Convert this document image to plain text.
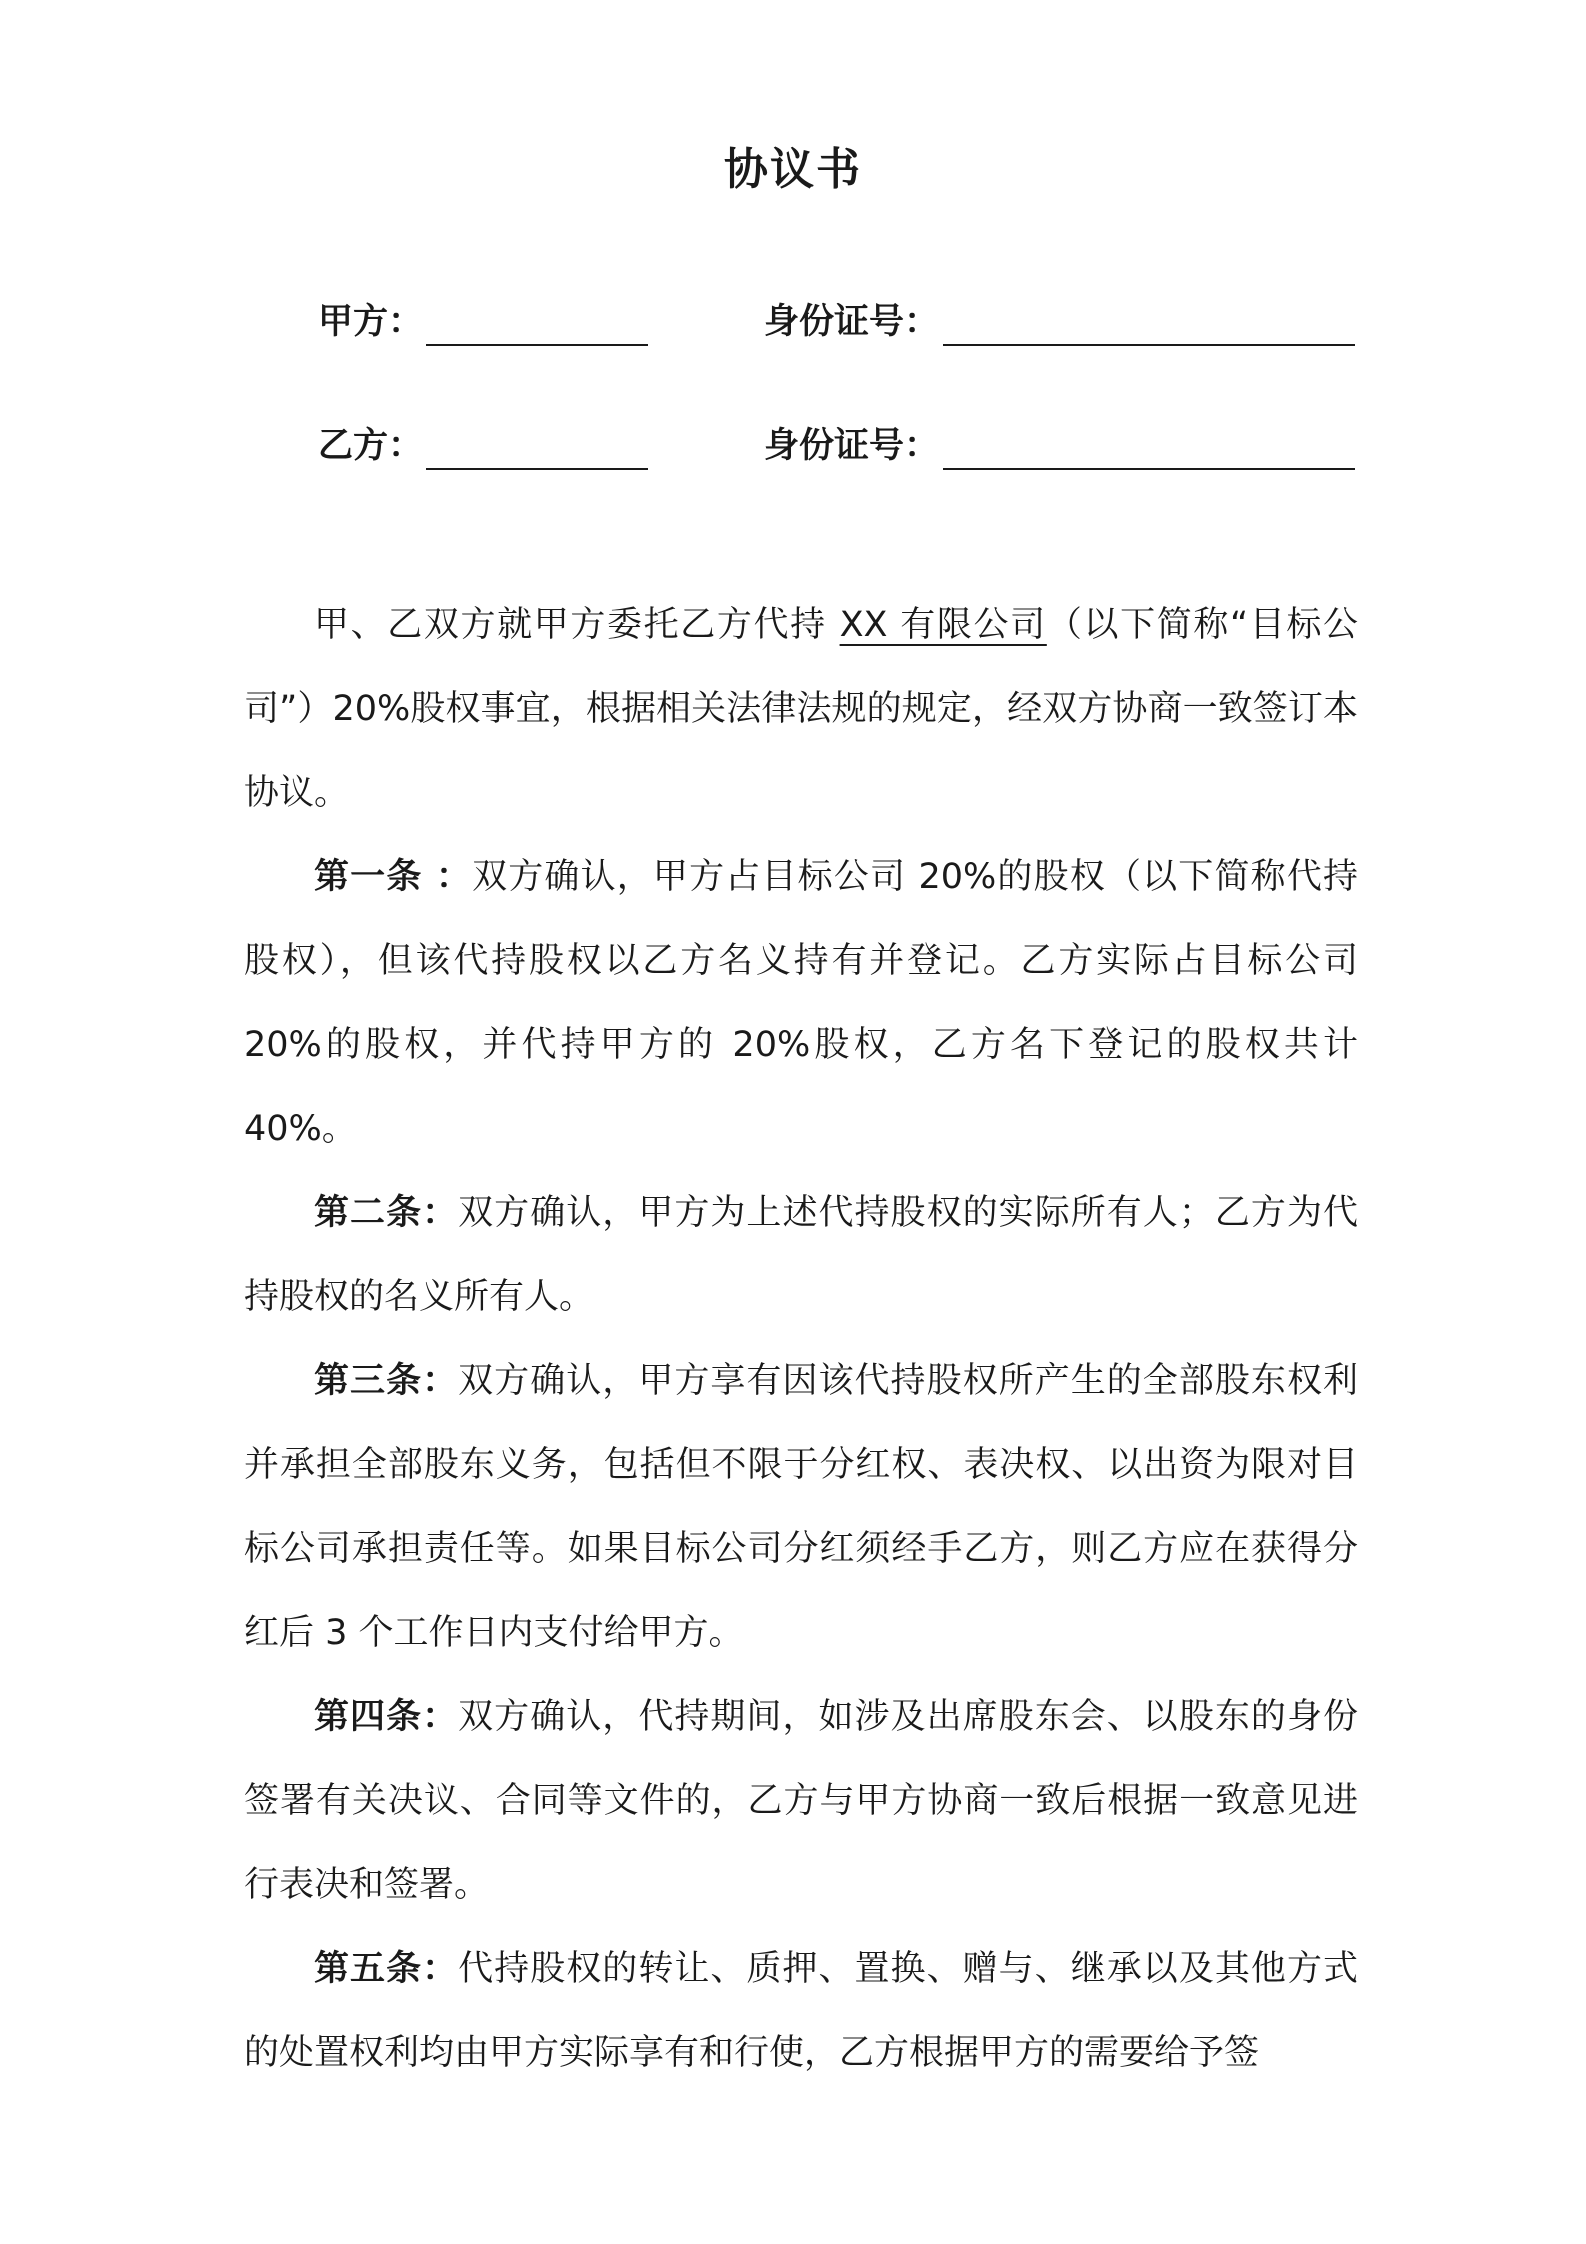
协议书
甲方：	身份证号：
乙方：	身份证号：

甲、乙双方就甲方委托乙方代持 XX 有限公司（以下简称“目标公司”）20%股权事宜，根据相关法律法规的规定，经双方协商一致签订本协议。

第一条 ：双方确认，甲方占目标公司 20%的股权（以下简称代持股权），但该代持股权以乙方名义持有并登记。乙方实际占目标公司 20%的股权，并代持甲方的 20%股权，乙方名下登记的股权共计 40%。

第二条：双方确认，甲方为上述代持股权的实际所有人；乙方为代持股权的名义所有人。

第三条：双方确认，甲方享有因该代持股权所产生的全部股东权利并承担全部股东义务，包括但不限于分红权、表决权、以出资为限对目标公司承担责任等。如果目标公司分红须经手乙方，则乙方应在获得分红后 3 个工作日内支付给甲方。

第四条：双方确认，代持期间，如涉及出席股东会、以股东的身份签署有关决议、合同等文件的，乙方与甲方协商一致后根据一致意见进行表决和签署。

第五条：代持股权的转让、质押、置换、赠与、继承以及其他方式的处置权利均由甲方实际享有和行使，乙方根据甲方的需要给予签
